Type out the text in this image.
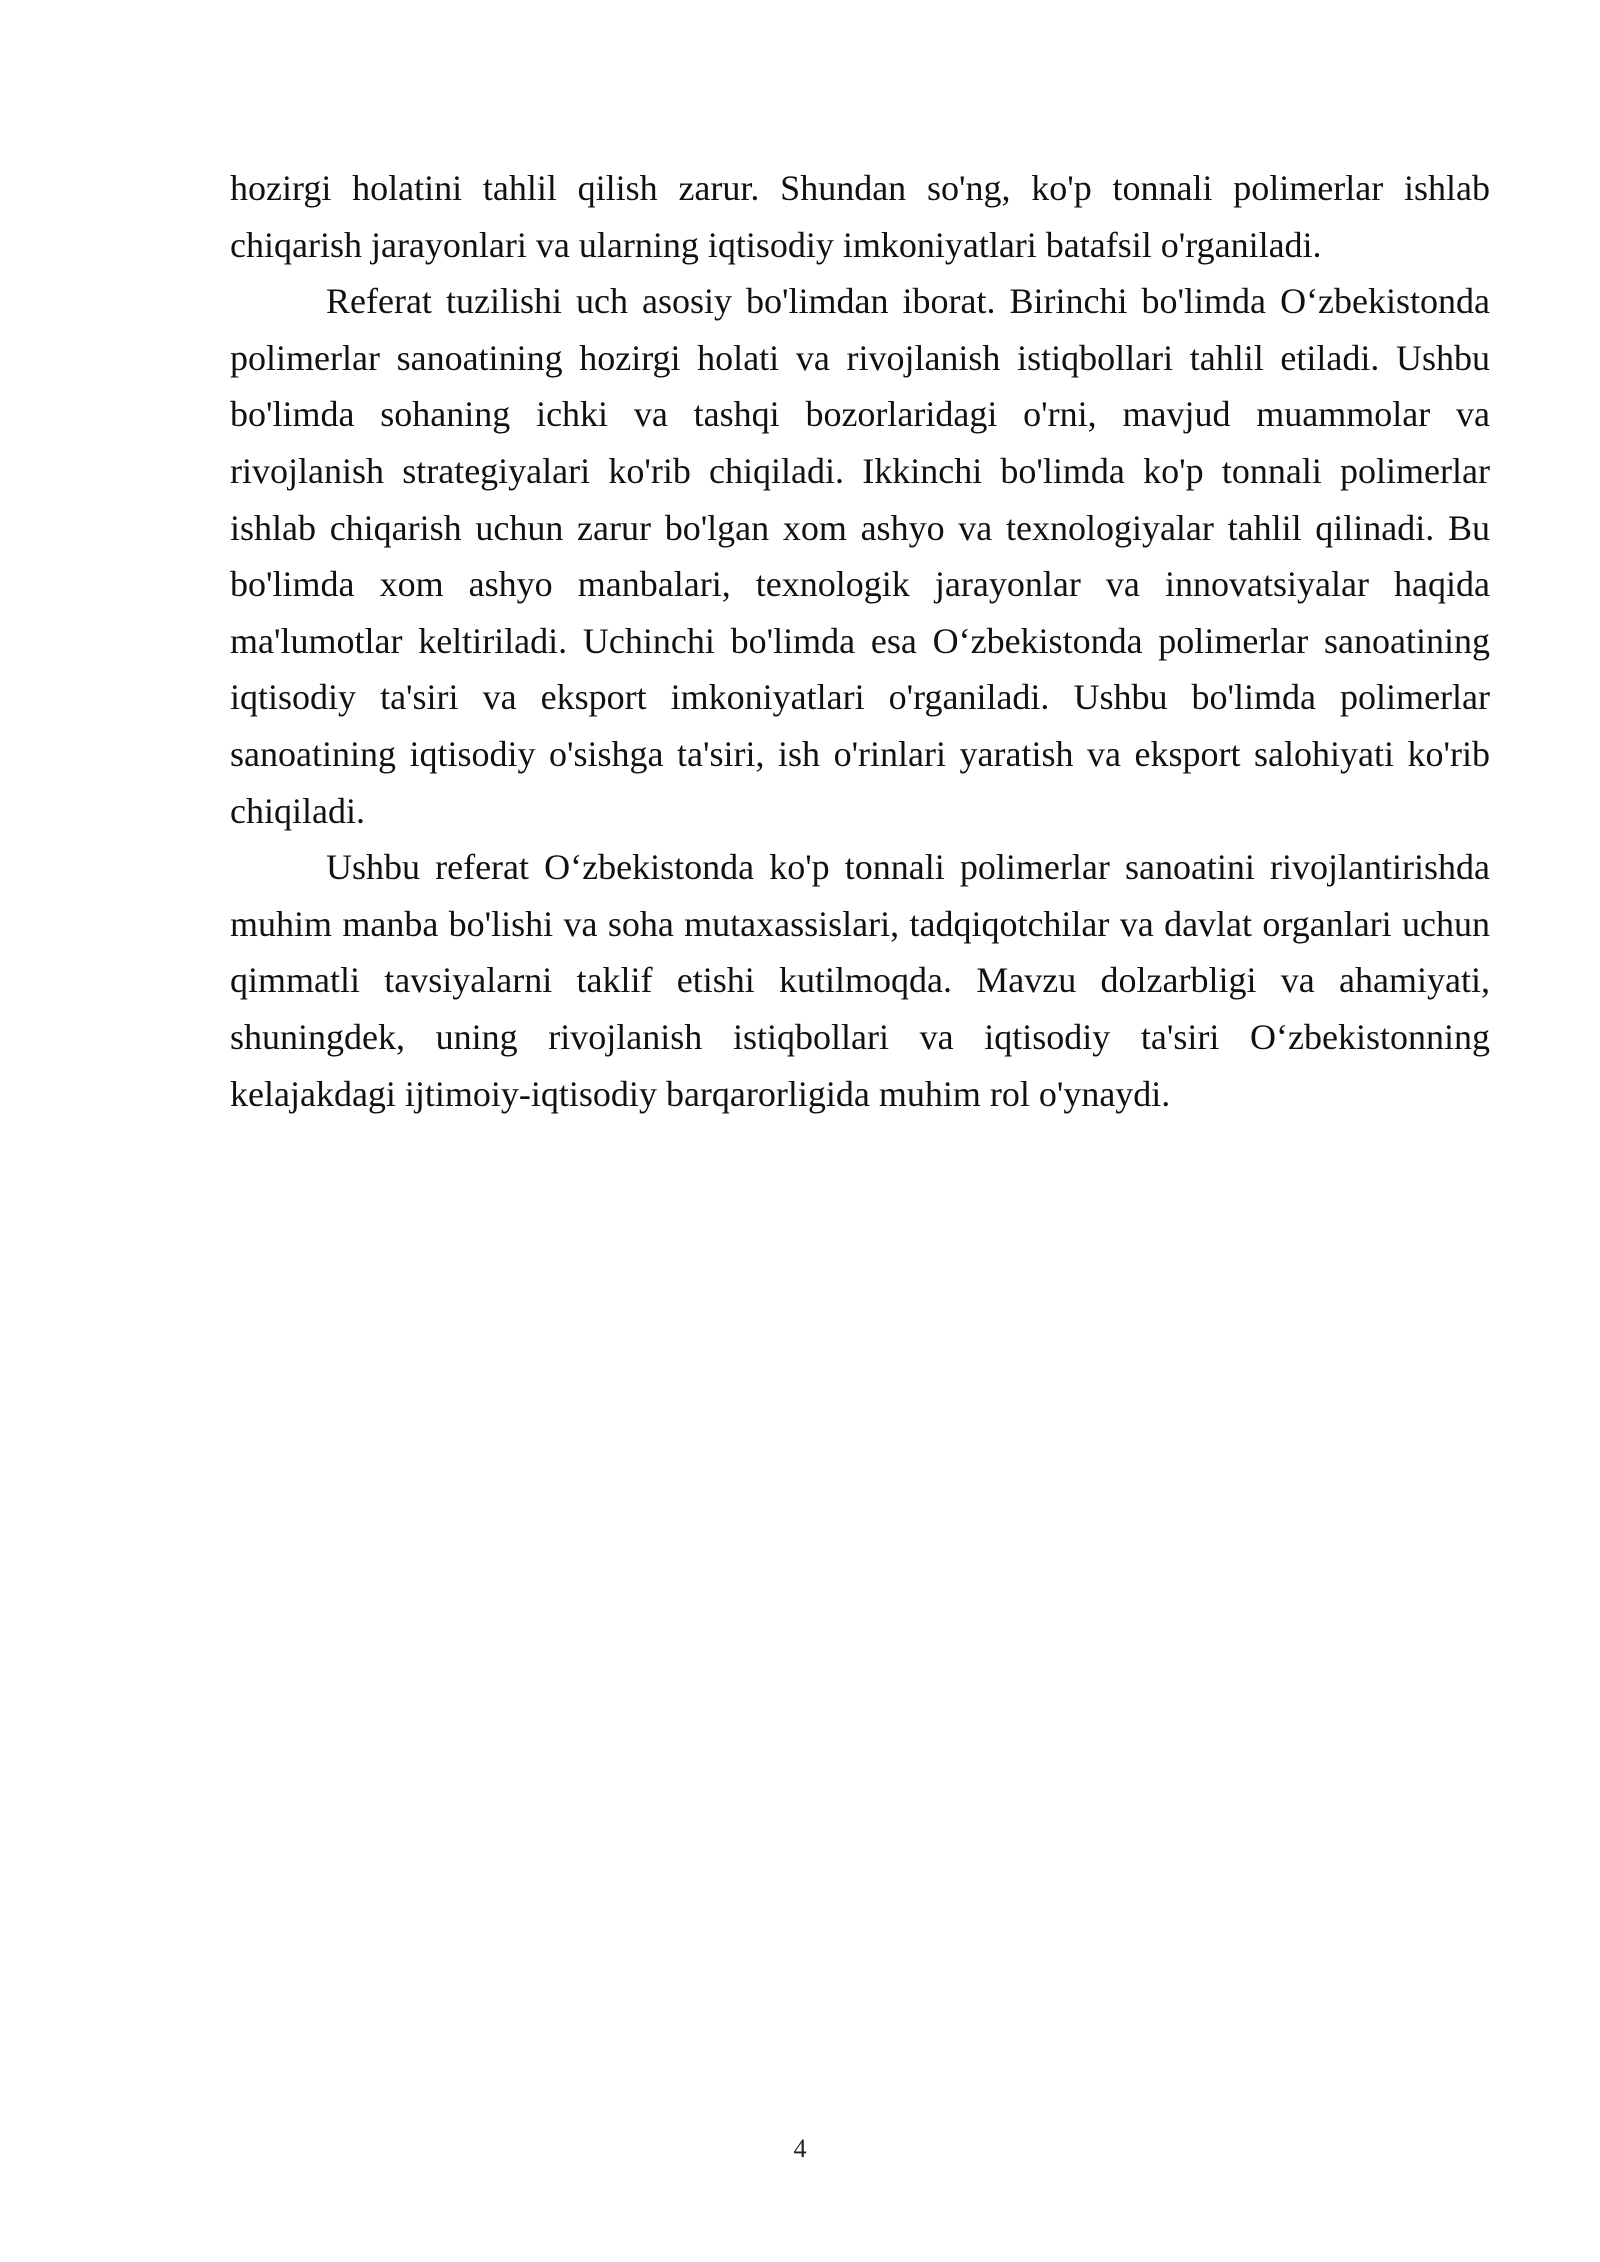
hozirgi holatini tahlil qilish zarur. Shundan so'ng, ko'p tonnali polimerlar ishlab chiqarish jarayonlari va ularning iqtisodiy imkoniyatlari batafsil o'rganiladi.

Referat tuzilishi uch asosiy bo'limdan iborat. Birinchi bo'limda O‘zbekistonda polimerlar sanoatining hozirgi holati va rivojlanish istiqbollari tahlil etiladi. Ushbu bo'limda sohaning ichki va tashqi bozorlaridagi o'rni, mavjud muammolar va rivojlanish strategiyalari ko'rib chiqiladi. Ikkinchi bo'limda ko'p tonnali polimerlar ishlab chiqarish uchun zarur bo'lgan xom ashyo va texnologiyalar tahlil qilinadi. Bu bo'limda xom ashyo manbalari, texnologik jarayonlar va innovatsiyalar haqida ma'lumotlar keltiriladi. Uchinchi bo'limda esa O‘zbekistonda polimerlar sanoatining iqtisodiy ta'siri va eksport imkoniyatlari o'rganiladi. Ushbu bo'limda polimerlar sanoatining iqtisodiy o'sishga ta'siri, ish o'rinlari yaratish va eksport salohiyati ko'rib chiqiladi.

Ushbu referat O‘zbekistonda ko'p tonnali polimerlar sanoatini rivojlantirishda muhim manba bo'lishi va soha mutaxassislari, tadqiqotchilar va davlat organlari uchun qimmatli tavsiyalarni taklif etishi kutilmoqda. Mavzu dolzarbligi va ahamiyati, shuningdek, uning rivojlanish istiqbollari va iqtisodiy ta'siri O‘zbekistonning kelajakdagi ijtimoiy-iqtisodiy barqarorligida muhim rol o'ynaydi.

4
